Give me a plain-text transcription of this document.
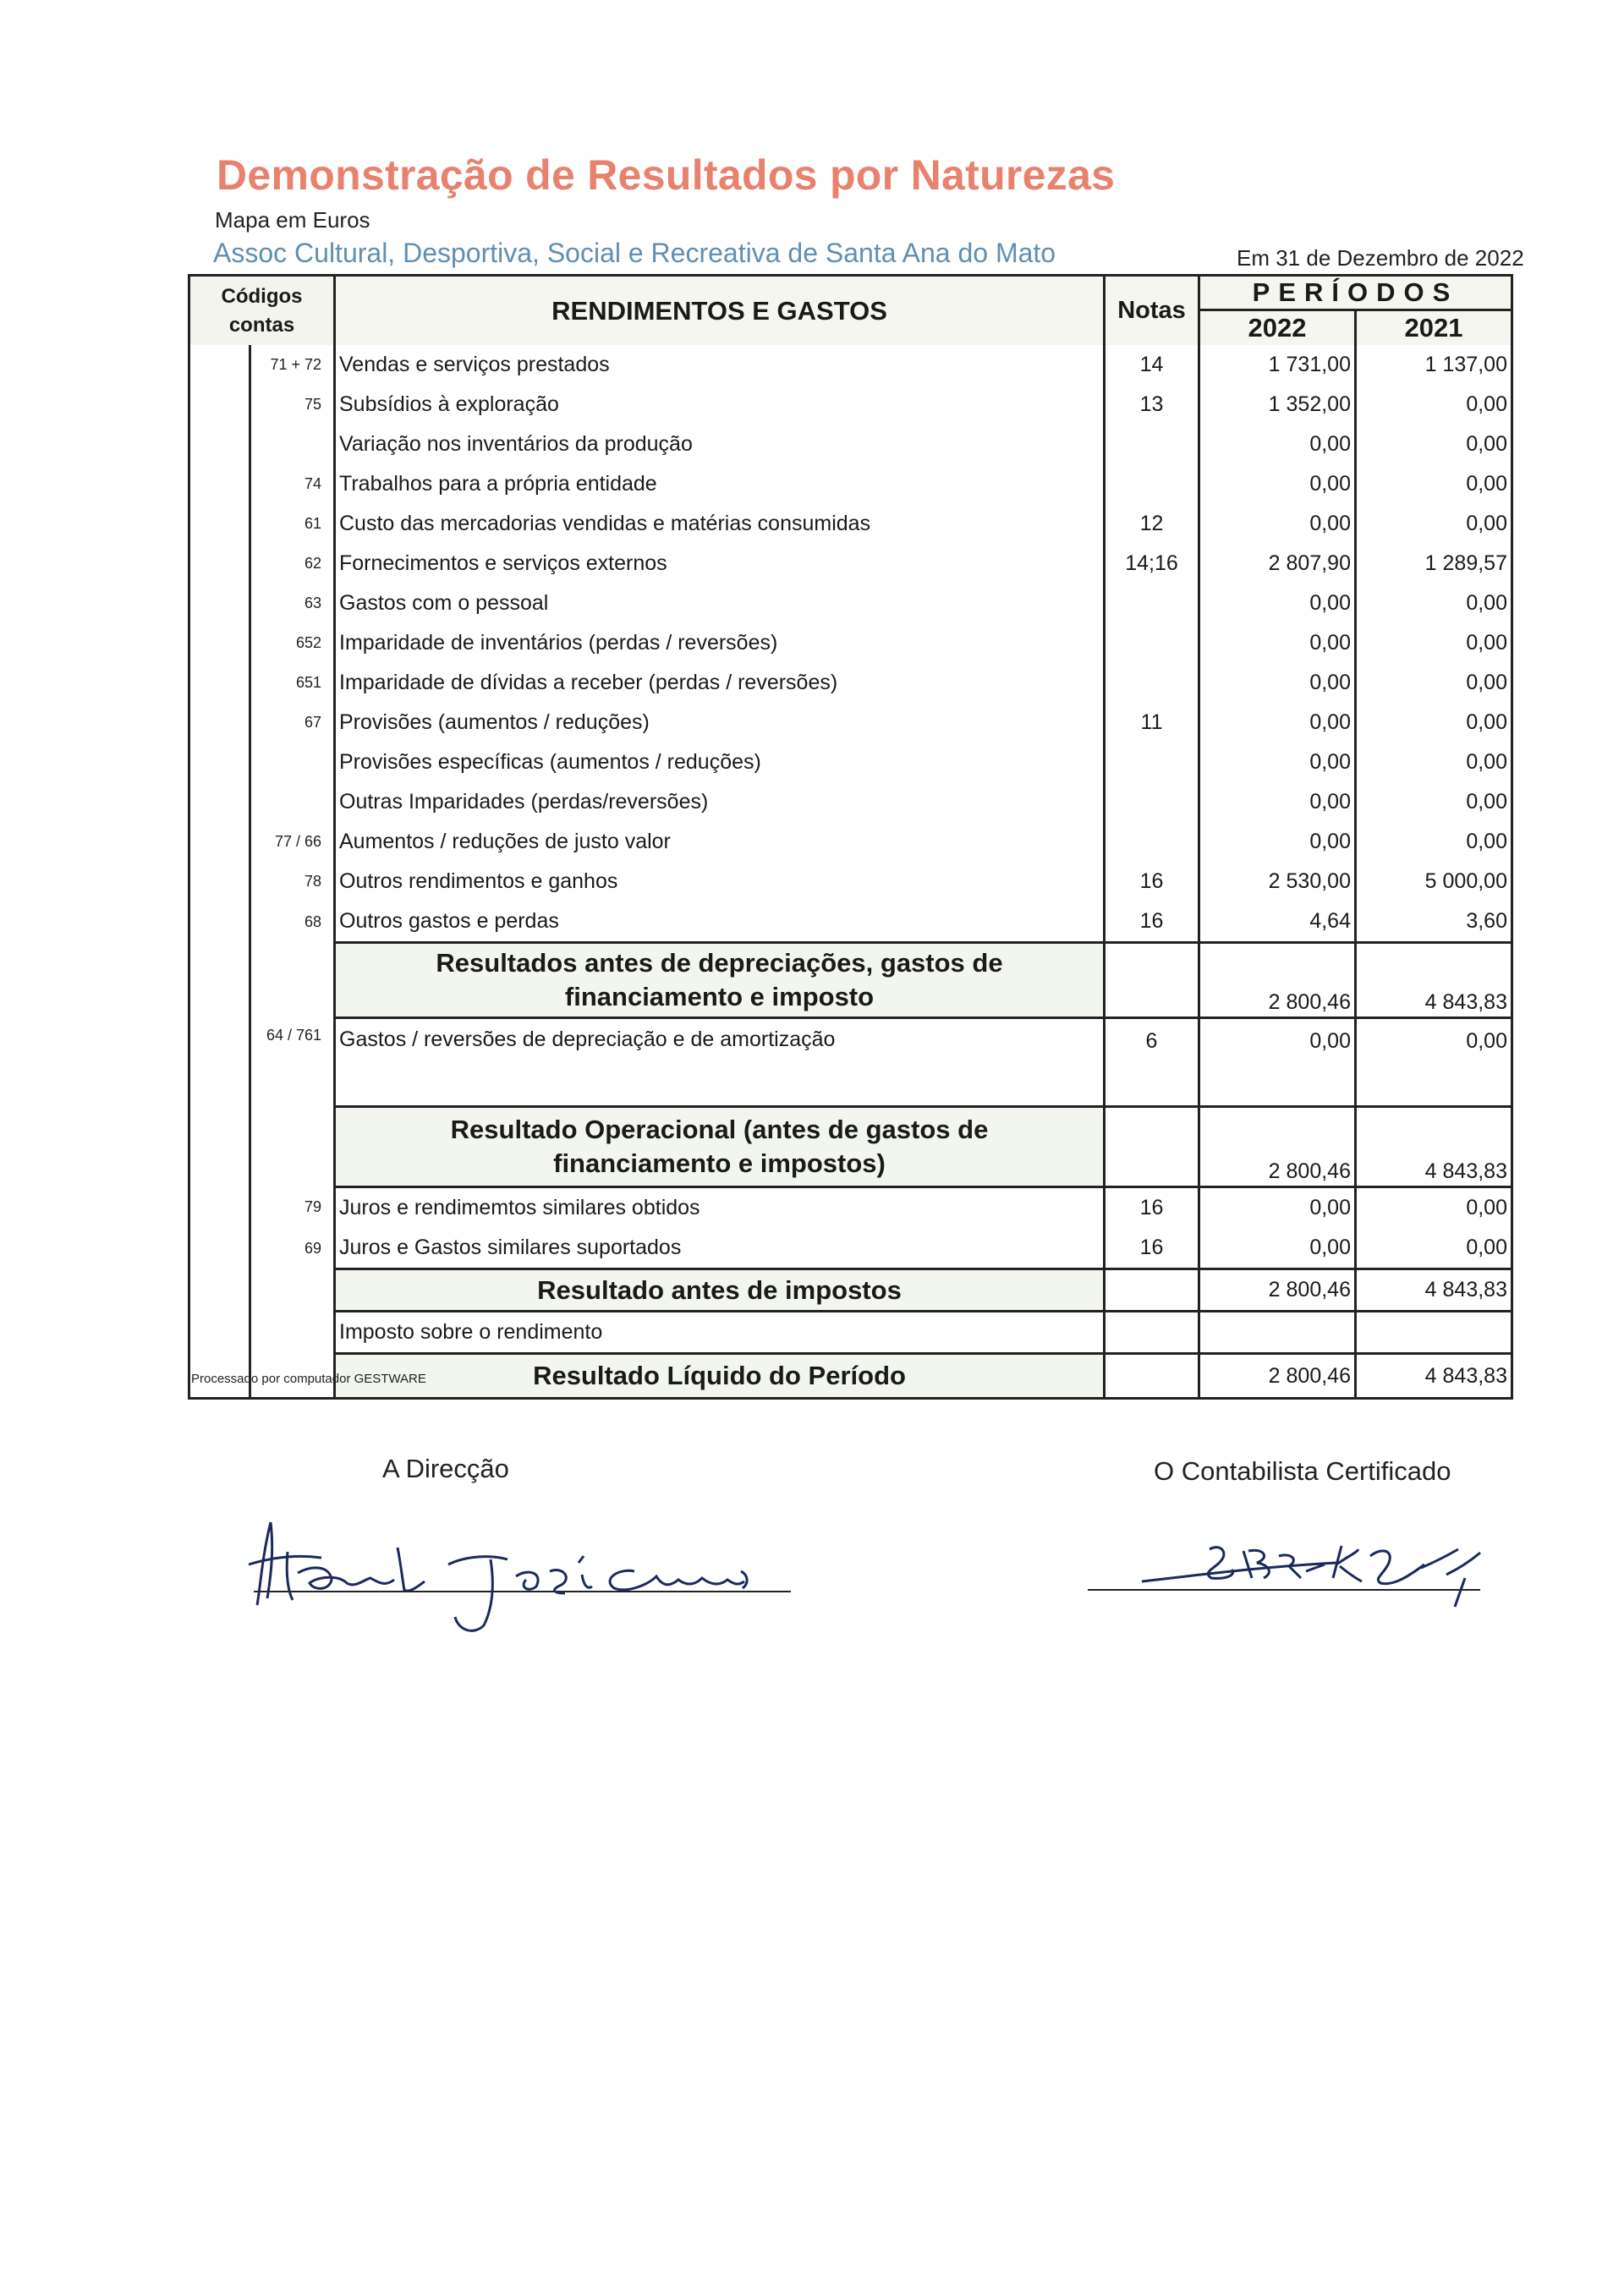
Demonstração de Resultados por Naturezas
Mapa em Euros
Assoc Cultural, Desportiva, Social e Recreativa de Santa Ana do Mato	Em 31 de Dezembro de 2022
Códigos contas		RENDIMENTOS E GASTOS	Notas	PERÍODOS	
				2022	2021
	71 + 72	Vendas e serviços prestados	14	1 731,00	1 137,00
	75	Subsídios à exploração	13	1 352,00	0,00
		Variação nos inventários da produção		0,00	0,00
	74	Trabalhos para a própria entidade		0,00	0,00
	61	Custo das mercadorias vendidas e matérias consumidas	12	0,00	0,00
	62	Fornecimentos e serviços externos	14;16	2 807,90	1 289,57
	63	Gastos com o pessoal		0,00	0,00
	652	Imparidade de inventários (perdas / reversões)		0,00	0,00
	651	Imparidade de dívidas a receber (perdas / reversões)		0,00	0,00
	67	Provisões (aumentos / reduções)	11	0,00	0,00
		Provisões específicas (aumentos / reduções)		0,00	0,00
		Outras Imparidades (perdas/reversões)		0,00	0,00
	77 / 66	Aumentos / reduções de justo valor		0,00	0,00
	78	Outros rendimentos e ganhos	16	2 530,00	5 000,00
	68	Outros gastos e perdas	16	4,64	3,60

		Resultados antes de depreciações, gastos de
financiamento e imposto		2 800,46	4 843,83
	64 / 761	Gastos / reversões de depreciação e de amortização	6	0,00	0,00

		Resultado Operacional (antes de gastos de
financiamento e impostos)		2 800,46	4 843,83
	79	Juros e rendimemtos similares obtidos	16	0,00	0,00
	69	Juros e Gastos similares suportados	16	0,00	0,00
		Resultado antes de impostos		2 800,46	4 843,83
		Imposto sobre o rendimento			
		Resultado Líquido do Período		2 800,46	4 843,83
Processado por computador GESTWARE
A Direcção	O Contabilista Certificado
